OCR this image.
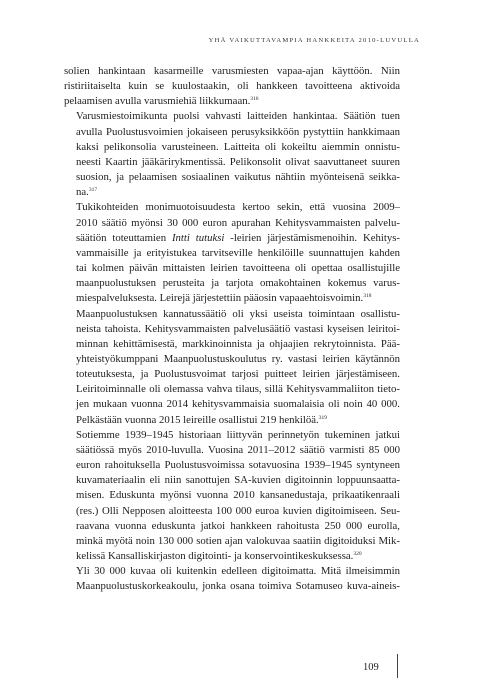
YHÄ VAIKUTTAVAMPIA HANKKEITA 2010-LUVULLA

solien hankintaan kasarmeille varusmiesten vapaa-ajan käyttöön. Niin
ristiriitaiselta kuin se kuulostaakin, oli hankkeen tavoitteena aktivoida
pelaamisen avulla varusmiehiä liikkumaan.$^{316}$

Varusmiestoimikunta puolsi vahvasti laitteiden hankintaa. Säätiön tuen
avulla Puolustusvoimien jokaiseen perusyksikköön pystyttiin hankkimaan
kaksi pelikonsolia varusteineen. Laitteita oli kokeiltu aiemmin onnistu-
neesti Kaartin jääkärirykmentissä. Pelikonsolit olivat saavuttaneet suuren
suosion, ja pelaamisen sosiaalinen vaikutus nähtiin myönteisenä seikka-
na.$^{317}$

Tukikohteiden monimuotoisuudesta kertoo sekin, että vuosina 2009–
2010 säätiö myönsi 30 000 euron apurahan Kehitysvammaisten palvelu-
säätiön toteuttamien Intti tutuksi -leirien järjestämismenoihin. Kehitys-
vammaisille ja erityistukea tarvitseville henkilöille suunnattujen kahden
tai kolmen päivän mittaisten leirien tavoitteena oli opettaa osallistujille
maanpuolustuksen perusteita ja tarjota omakohtainen kokemus varus-
miespalveluksesta. Leirejä järjestettiin pääosin vapaaehtoisvoimin.$^{318}$

Maanpuolustuksen kannatussäätiö oli yksi useista toimintaan osallistu-
neista tahoista. Kehitysvammaisten palvelusäätiö vastasi kyseisen leiritoi-
minnan kehittämisestä, markkinoinnista ja ohjaajien rekrytoinnista. Pää-
yhteistyökumppani Maanpuolustuskoulutus ry. vastasi leirien käytännön
toteutuksesta, ja Puolustusvoimat tarjosi puitteet leirien järjestämiseen.
Leiritoiminnalle oli olemassa vahva tilaus, sillä Kehitysvammaliiton tieto-
jen mukaan vuonna 2014 kehitysvammaisia suomalaisia oli noin 40 000.
Pelkästään vuonna 2015 leireille osallistui 219 henkilöä.$^{319}$

Sotiemme 1939–1945 historiaan liittyvän perinnetyön tukeminen jatkui
säätiössä myös 2010-luvulla. Vuosina 2011–2012 säätiö varmisti 85 000
euron rahoituksella Puolustusvoimissa sotavuosina 1939–1945 syntyneen
kuvamateriaalin eli niin sanottujen SA-kuvien digitoinnin loppuunsaatta-
misen. Eduskunta myönsi vuonna 2010 kansanedustaja, prikaatikenraali
(res.) Olli Nepposen aloitteesta 100 000 euroa kuvien digitoimiseen. Seu-
raavana vuonna eduskunta jatkoi hankkeen rahoitusta 250 000 eurolla,
minkä myötä noin 130 000 sotien ajan valokuvaa saatiin digitoiduksi Mik-
kelissä Kansalliskirjaston digitointi- ja konservointikeskuksessa.$^{320}$

Yli 30 000 kuvaa oli kuitenkin edelleen digitoimatta. Mitä ilmeisimmin
Maanpuolustuskorkeakoulu, jonka osana toimiva Sotamuseo kuva-aineis-

109
